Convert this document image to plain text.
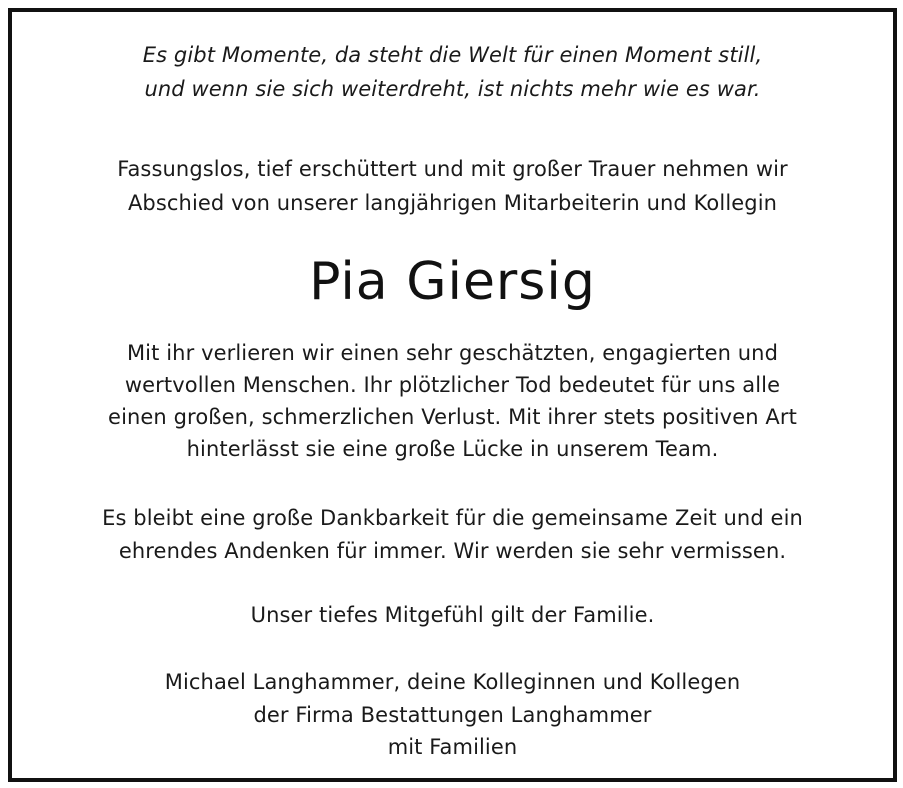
Es gibt Momente, da steht die Welt für einen Moment still,
und wenn sie sich weiterdreht, ist nichts mehr wie es war.
Fassungslos, tief erschüttert und mit großer Trauer nehmen wir
Abschied von unserer langjährigen Mitarbeiterin und Kollegin
Pia Giersig
Mit ihr verlieren wir einen sehr geschätzten, engagierten und
wertvollen Menschen. Ihr plötzlicher Tod bedeutet für uns alle
einen großen, schmerzlichen Verlust. Mit ihrer stets positiven Art
hinterlässt sie eine große Lücke in unserem Team.
Es bleibt eine große Dankbarkeit für die gemeinsame Zeit und ein
ehrendes Andenken für immer. Wir werden sie sehr vermissen.
Unser tiefes Mitgefühl gilt der Familie.
Michael Langhammer, deine Kolleginnen und Kollegen
der Firma Bestattungen Langhammer
mit Familien
